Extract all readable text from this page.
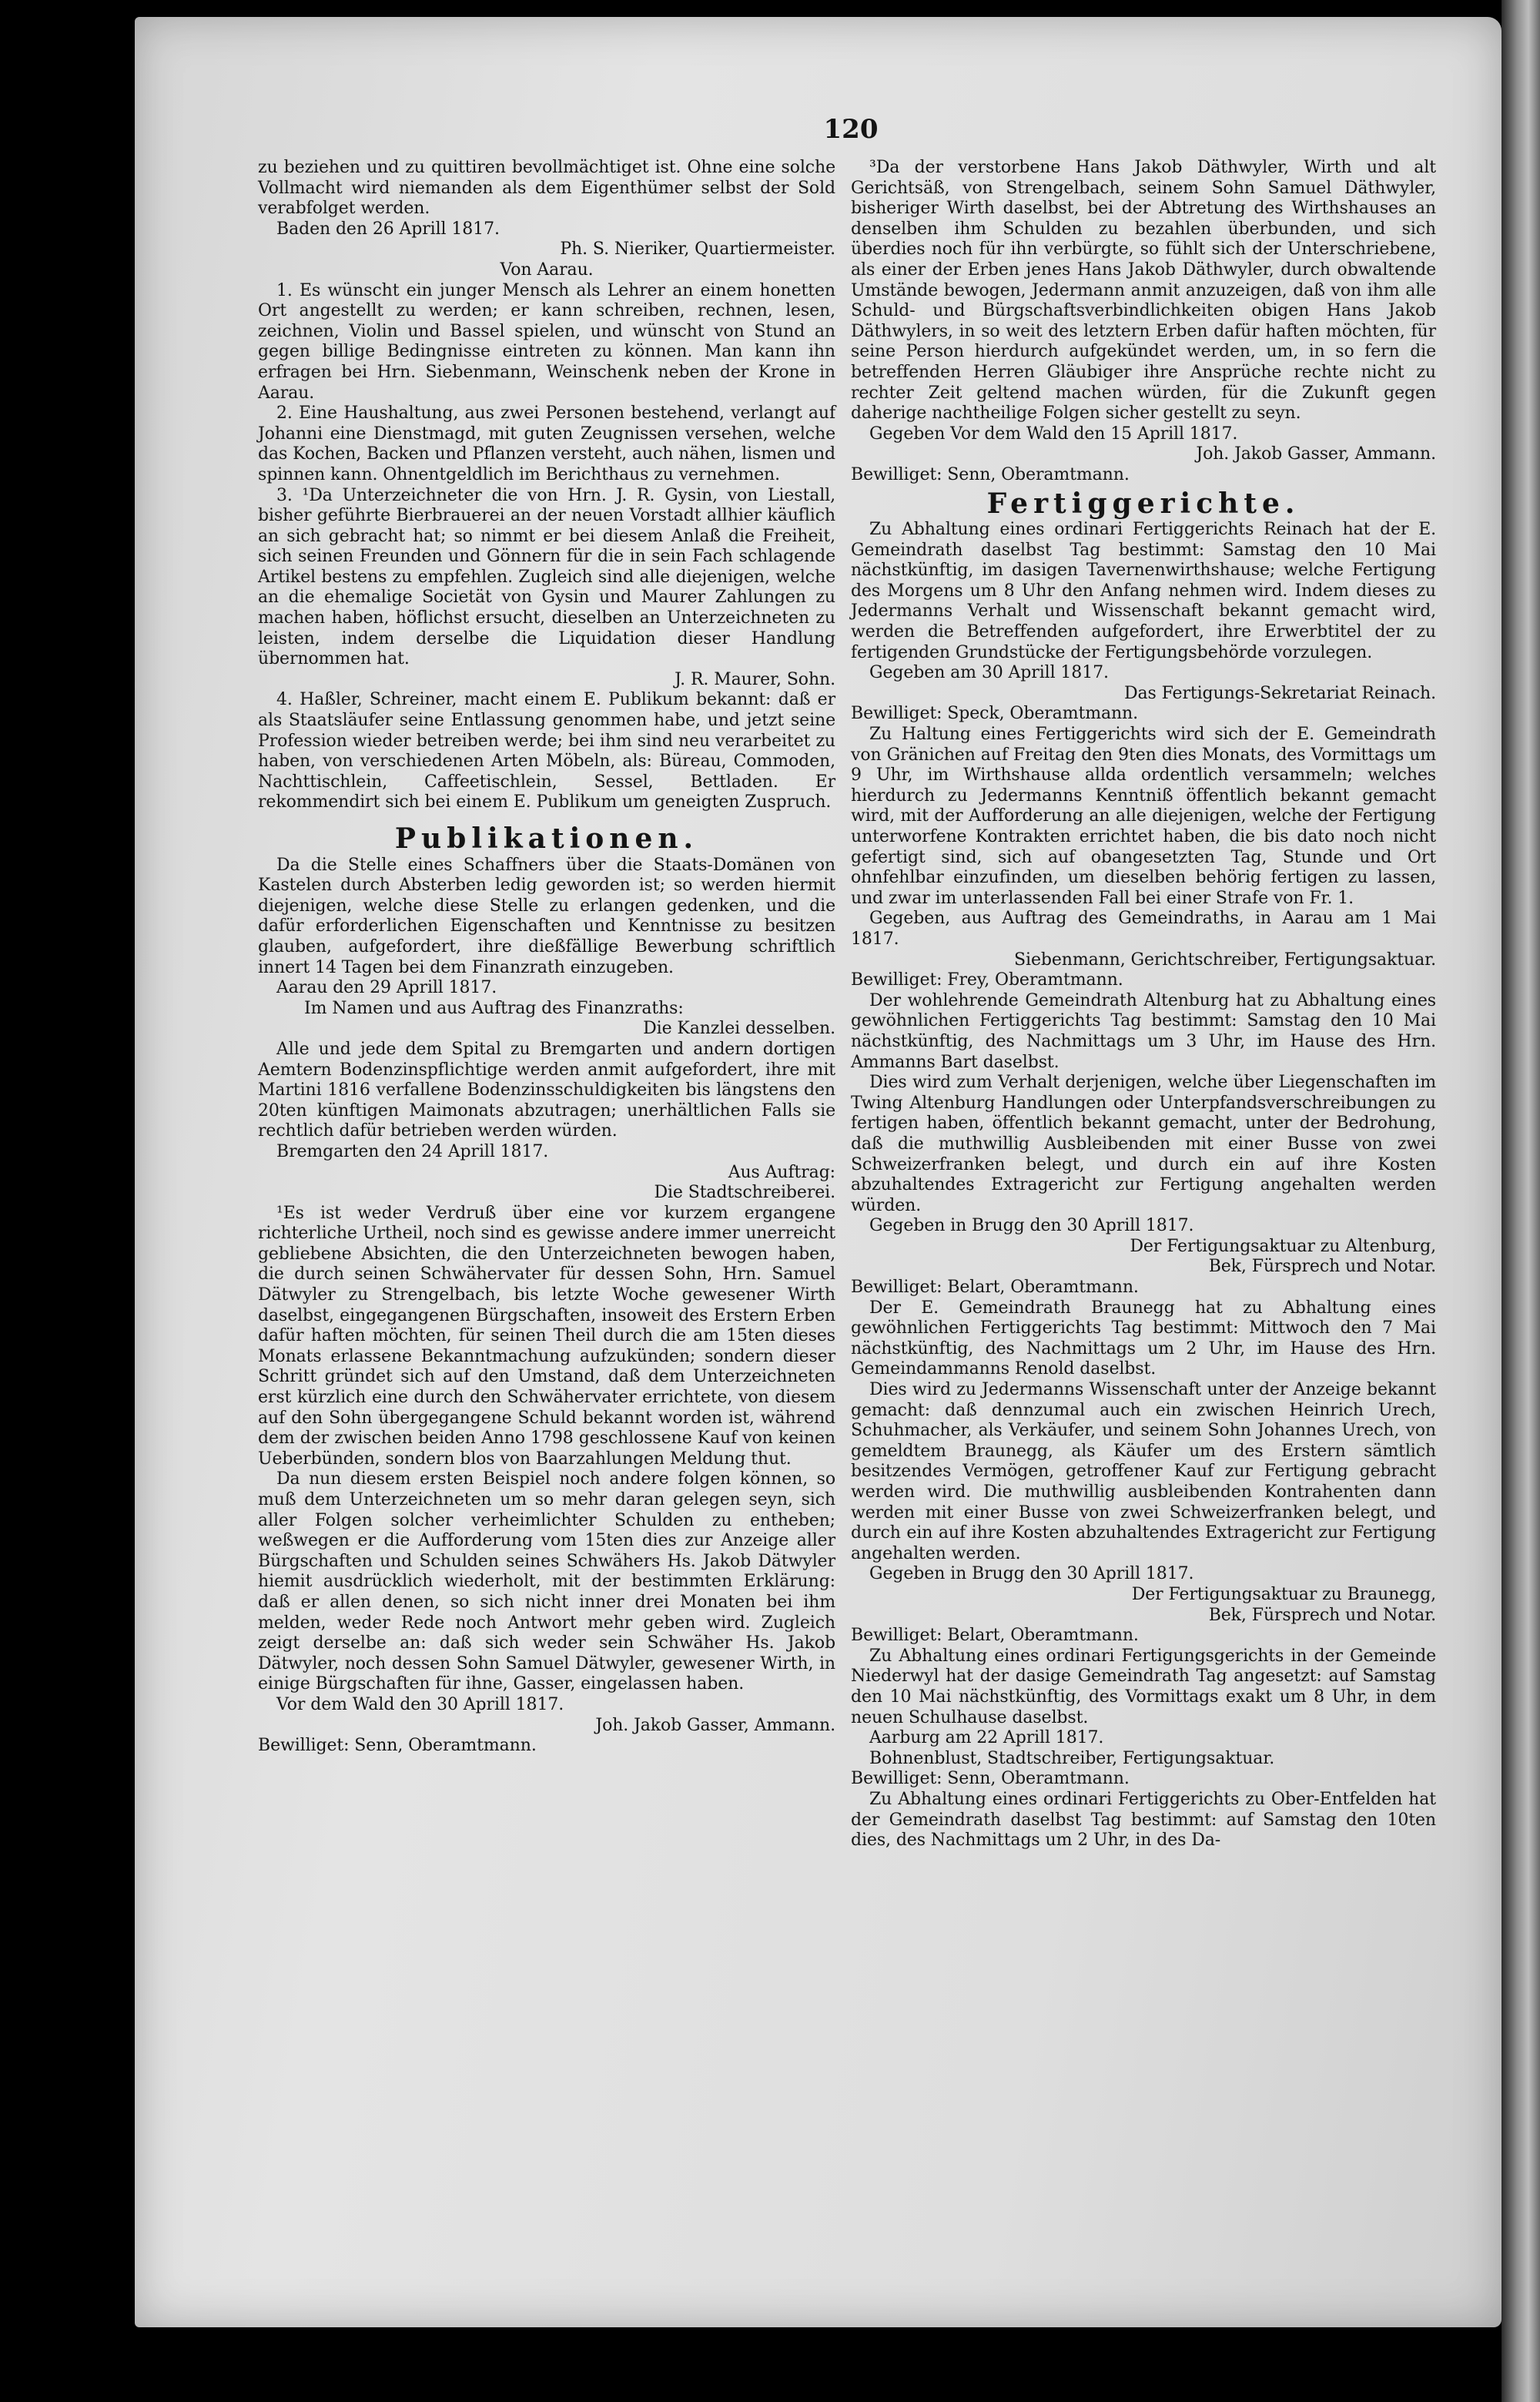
120

zu beziehen und zu quittiren bevollmächtiget ist. Ohne eine solche Vollmacht wird niemanden als dem Eigenthümer selbst der Sold verabfolget werden.

Baden den 26 Aprill 1817.

Ph. S. Nieriker, Quartiermeister.

Von Aarau.

1. Es wünscht ein junger Mensch als Lehrer an einem honetten Ort angestellt zu werden; er kann schreiben, rechnen, lesen, zeichnen, Violin und Bassel spielen, und wünscht von Stund an gegen billige Bedingnisse eintreten zu können. Man kann ihn erfragen bei Hrn. Siebenmann, Weinschenk neben der Krone in Aarau.

2. Eine Haushaltung, aus zwei Personen bestehend, verlangt auf Johanni eine Dienstmagd, mit guten Zeugnissen versehen, welche das Kochen, Backen und Pflanzen versteht, auch nähen, lismen und spinnen kann. Ohnentgeldlich im Berichthaus zu vernehmen.

3. ¹Da Unterzeichneter die von Hrn. J. R. Gysin, von Liestall, bisher geführte Bierbrauerei an der neuen Vorstadt allhier käuflich an sich gebracht hat; so nimmt er bei diesem Anlaß die Freiheit, sich seinen Freunden und Gönnern für die in sein Fach schlagende Artikel bestens zu empfehlen. Zugleich sind alle diejenigen, welche an die ehemalige Societät von Gysin und Maurer Zahlungen zu machen haben, höflichst ersucht, dieselben an Unterzeichneten zu leisten, indem derselbe die Liquidation dieser Handlung übernommen hat.

J. R. Maurer, Sohn.

4. Haßler, Schreiner, macht einem E. Publikum bekannt: daß er als Staatsläufer seine Entlassung genommen habe, und jetzt seine Profession wieder betreiben werde; bei ihm sind neu verarbeitet zu haben, von verschiedenen Arten Möbeln, als: Büreau, Commoden, Nachttischlein, Caffeetischlein, Sessel, Bettladen. Er rekommendirt sich bei einem E. Publikum um geneigten Zuspruch.

Publikationen.

Da die Stelle eines Schaffners über die Staats-Domänen von Kastelen durch Absterben ledig geworden ist; so werden hiermit diejenigen, welche diese Stelle zu erlangen gedenken, und die dafür erforderlichen Eigenschaften und Kenntnisse zu besitzen glauben, aufgefordert, ihre dießfällige Bewerbung schriftlich innert 14 Tagen bei dem Finanzrath einzugeben.

Aarau den 29 Aprill 1817.

Im Namen und aus Auftrag des Finanzraths:

Die Kanzlei desselben.

Alle und jede dem Spital zu Bremgarten und andern dortigen Aemtern Bodenzinspflichtige werden anmit aufgefordert, ihre mit Martini 1816 verfallene Bodenzinsschuldigkeiten bis längstens den 20ten künftigen Maimonats abzutragen; unerhältlichen Falls sie rechtlich dafür betrieben werden würden.

Bremgarten den 24 Aprill 1817.

Aus Auftrag:

Die Stadtschreiberei.

¹Es ist weder Verdruß über eine vor kurzem ergangene richterliche Urtheil, noch sind es gewisse andere immer unerreicht gebliebene Absichten, die den Unterzeichneten bewogen haben, die durch seinen Schwähervater für dessen Sohn, Hrn. Samuel Dätwyler zu Strengelbach, bis letzte Woche gewesener Wirth daselbst, eingegangenen Bürgschaften, insoweit des Erstern Erben dafür haften möchten, für seinen Theil durch die am 15ten dieses Monats erlassene Bekanntmachung aufzukünden; sondern dieser Schritt gründet sich auf den Umstand, daß dem Unterzeichneten erst kürzlich eine durch den Schwähervater errichtete, von diesem auf den Sohn übergegangene Schuld bekannt worden ist, während dem der zwischen beiden Anno 1798 geschlossene Kauf von keinen Ueberbünden, sondern blos von Baarzahlungen Meldung thut.

Da nun diesem ersten Beispiel noch andere folgen können, so muß dem Unterzeichneten um so mehr daran gelegen seyn, sich aller Folgen solcher verheimlichter Schulden zu entheben; weßwegen er die Aufforderung vom 15ten dies zur Anzeige aller Bürgschaften und Schulden seines Schwähers Hs. Jakob Dätwyler hiemit ausdrücklich wiederholt, mit der bestimmten Erklärung: daß er allen denen, so sich nicht inner drei Monaten bei ihm melden, weder Rede noch Antwort mehr geben wird. Zugleich zeigt derselbe an: daß sich weder sein Schwäher Hs. Jakob Dätwyler, noch dessen Sohn Samuel Dätwyler, gewesener Wirth, in einige Bürgschaften für ihne, Gasser, eingelassen haben.

Vor dem Wald den 30 Aprill 1817.

Joh. Jakob Gasser, Ammann.

Bewilliget: Senn, Oberamtmann.

³Da der verstorbene Hans Jakob Däthwyler, Wirth und alt Gerichtsäß, von Strengelbach, seinem Sohn Samuel Däthwyler, bisheriger Wirth daselbst, bei der Abtretung des Wirthshauses an denselben ihm Schulden zu bezahlen überbunden, und sich überdies noch für ihn verbürgte, so fühlt sich der Unterschriebene, als einer der Erben jenes Hans Jakob Däthwyler, durch obwaltende Umstände bewogen, Jedermann anmit anzuzeigen, daß von ihm alle Schuld- und Bürgschaftsverbindlichkeiten obigen Hans Jakob Däthwylers, in so weit des letztern Erben dafür haften möchten, für seine Person hierdurch aufgekündet werden, um, in so fern die betreffenden Herren Gläubiger ihre Ansprüche rechte nicht zu rechter Zeit geltend machen würden, für die Zukunft gegen daherige nachtheilige Folgen sicher gestellt zu seyn.

Gegeben Vor dem Wald den 15 Aprill 1817.

Joh. Jakob Gasser, Ammann.

Bewilliget: Senn, Oberamtmann.

Fertiggerichte.

Zu Abhaltung eines ordinari Fertiggerichts Reinach hat der E. Gemeindrath daselbst Tag bestimmt: Samstag den 10 Mai nächstkünftig, im dasigen Tavernenwirthshause; welche Fertigung des Morgens um 8 Uhr den Anfang nehmen wird. Indem dieses zu Jedermanns Verhalt und Wissenschaft bekannt gemacht wird, werden die Betreffenden aufgefordert, ihre Erwerbtitel der zu fertigenden Grundstücke der Fertigungsbehörde vorzulegen.

Gegeben am 30 Aprill 1817.

Das Fertigungs-Sekretariat Reinach.

Bewilliget: Speck, Oberamtmann.

Zu Haltung eines Fertiggerichts wird sich der E. Gemeindrath von Gränichen auf Freitag den 9ten dies Monats, des Vormittags um 9 Uhr, im Wirthshause allda ordentlich versammeln; welches hierdurch zu Jedermanns Kenntniß öffentlich bekannt gemacht wird, mit der Aufforderung an alle diejenigen, welche der Fertigung unterworfene Kontrakten errichtet haben, die bis dato noch nicht gefertigt sind, sich auf obangesetzten Tag, Stunde und Ort ohnfehlbar einzufinden, um dieselben behörig fertigen zu lassen, und zwar im unterlassenden Fall bei einer Strafe von Fr. 1.

Gegeben, aus Auftrag des Gemeindraths, in Aarau am 1 Mai 1817.

Siebenmann, Gerichtschreiber, Fertigungsaktuar.

Bewilliget: Frey, Oberamtmann.

Der wohlehrende Gemeindrath Altenburg hat zu Abhaltung eines gewöhnlichen Fertiggerichts Tag bestimmt: Samstag den 10 Mai nächstkünftig, des Nachmittags um 3 Uhr, im Hause des Hrn. Ammanns Bart daselbst.

Dies wird zum Verhalt derjenigen, welche über Liegenschaften im Twing Altenburg Handlungen oder Unterpfandsverschreibungen zu fertigen haben, öffentlich bekannt gemacht, unter der Bedrohung, daß die muthwillig Ausbleibenden mit einer Busse von zwei Schweizerfranken belegt, und durch ein auf ihre Kosten abzuhaltendes Extragericht zur Fertigung angehalten werden würden.

Gegeben in Brugg den 30 Aprill 1817.

Der Fertigungsaktuar zu Altenburg,

Bek, Fürsprech und Notar.

Bewilliget: Belart, Oberamtmann.

Der E. Gemeindrath Braunegg hat zu Abhaltung eines gewöhnlichen Fertiggerichts Tag bestimmt: Mittwoch den 7 Mai nächstkünftig, des Nachmittags um 2 Uhr, im Hause des Hrn. Gemeindammanns Renold daselbst.

Dies wird zu Jedermanns Wissenschaft unter der Anzeige bekannt gemacht: daß dennzumal auch ein zwischen Heinrich Urech, Schuhmacher, als Verkäufer, und seinem Sohn Johannes Urech, von gemeldtem Braunegg, als Käufer um des Erstern sämtlich besitzendes Vermögen, getroffener Kauf zur Fertigung gebracht werden wird. Die muthwillig ausbleibenden Kontrahenten dann werden mit einer Busse von zwei Schweizerfranken belegt, und durch ein auf ihre Kosten abzuhaltendes Extragericht zur Fertigung angehalten werden.

Gegeben in Brugg den 30 Aprill 1817.

Der Fertigungsaktuar zu Braunegg,

Bek, Fürsprech und Notar.

Bewilliget: Belart, Oberamtmann.

Zu Abhaltung eines ordinari Fertigungsgerichts in der Gemeinde Niederwyl hat der dasige Gemeindrath Tag angesetzt: auf Samstag den 10 Mai nächstkünftig, des Vormittags exakt um 8 Uhr, in dem neuen Schulhause daselbst.

Aarburg am 22 Aprill 1817.

Bohnenblust, Stadtschreiber, Fertigungsaktuar.

Bewilliget: Senn, Oberamtmann.

Zu Abhaltung eines ordinari Fertiggerichts zu Ober-Entfelden hat der Gemeindrath daselbst Tag bestimmt: auf Samstag den 10ten dies, des Nachmittags um 2 Uhr, in des Da-
